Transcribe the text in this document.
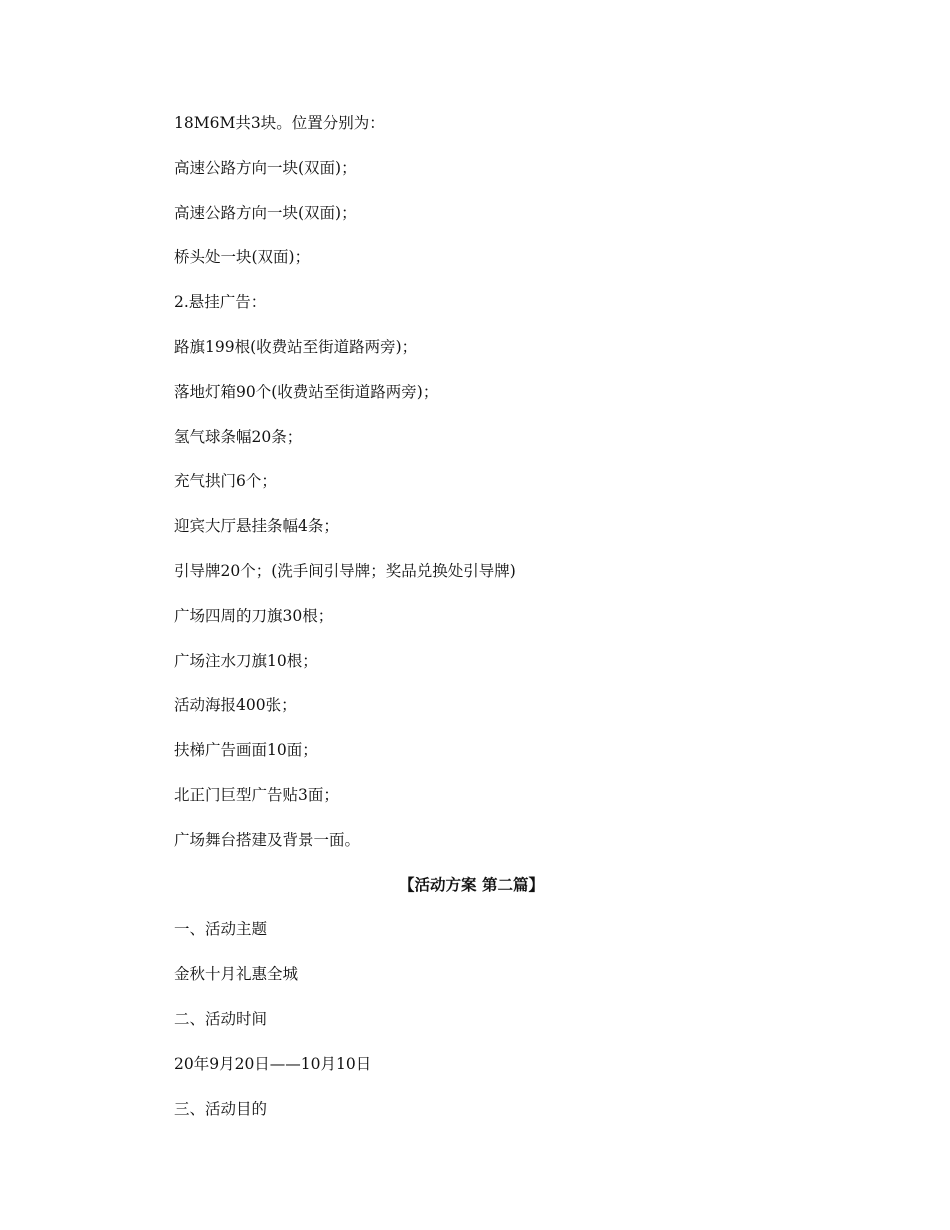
18M6M共3块。位置分别为：
高速公路方向一块(双面)；
高速公路方向一块(双面)；
桥头处一块(双面)；
2.悬挂广告：
路旗199根(收费站至街道路两旁)；
落地灯箱90个(收费站至街道路两旁)；
氢气球条幅20条；
充气拱门6个；
迎宾大厅悬挂条幅4条；
引导牌20个；(洗手间引导牌；奖品兑换处引导牌)
广场四周的刀旗30根；
广场注水刀旗10根；
活动海报400张；
扶梯广告画面10面；
北正门巨型广告贴3面；
广场舞台搭建及背景一面。
【活动方案 第二篇】
一、活动主题
金秋十月礼惠全城
二、活动时间
20年9月20日——10月10日
三、活动目的
